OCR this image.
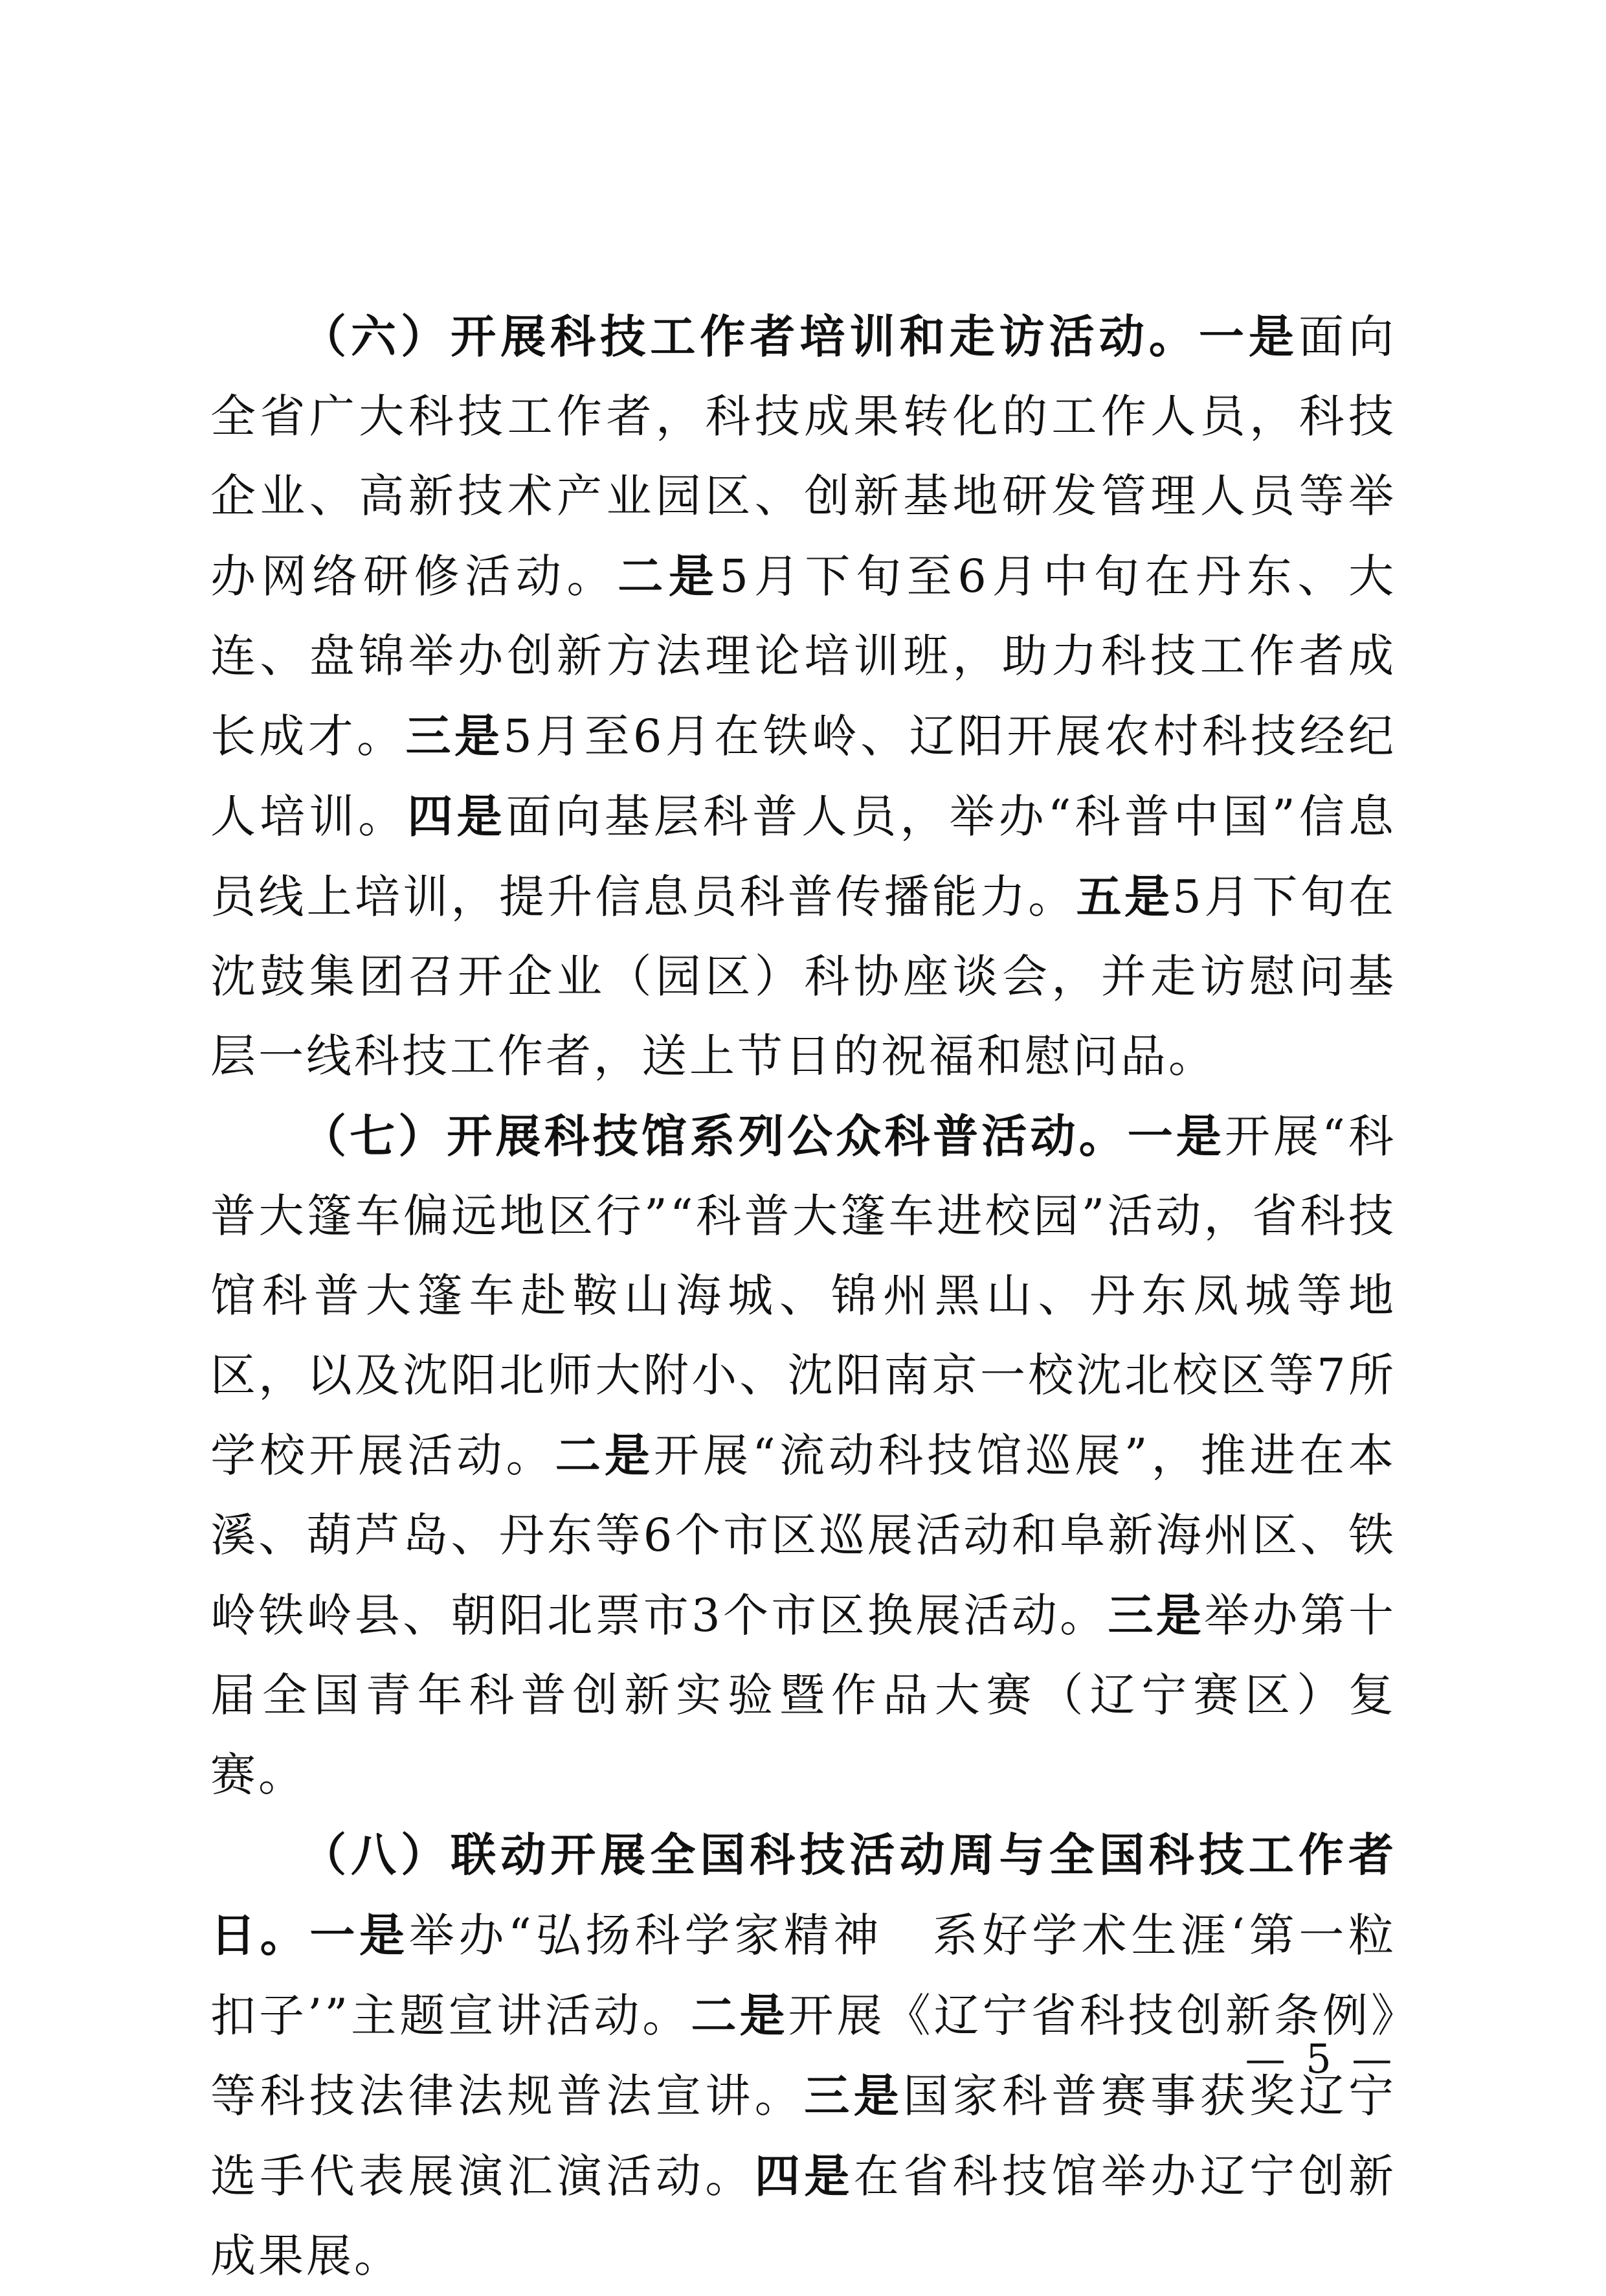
（六）开展科技工作者培训和走访活动。一是面向全省广大科技工作者，科技成果转化的工作人员，科技企业、高新技术产业园区、创新基地研发管理人员等举办网络研修活动。二是5月下旬至6月中旬在丹东、大连、盘锦举办创新方法理论培训班，助力科技工作者成长成才。三是5月至6月在铁岭、辽阳开展农村科技经纪人培训。四是面向基层科普人员，举办“科普中国”信息员线上培训，提升信息员科普传播能力。五是5月下旬在沈鼓集团召开企业（园区）科协座谈会，并走访慰问基层一线科技工作者，送上节日的祝福和慰问品。

（七）开展科技馆系列公众科普活动。一是开展“科普大篷车偏远地区行”“科普大篷车进校园”活动，省科技馆科普大篷车赴鞍山海城、锦州黑山、丹东凤城等地区，以及沈阳北师大附小、沈阳南京一校沈北校区等7所学校开展活动。二是开展“流动科技馆巡展”，推进在本溪、葫芦岛、丹东等6个市区巡展活动和阜新海州区、铁岭铁岭县、朝阳北票市3个市区换展活动。三是举办第十届全国青年科普创新实验暨作品大赛（辽宁赛区）复赛。

（八）联动开展全国科技活动周与全国科技工作者日。一是举办“弘扬科学家精神　系好学术生涯‘第一粒扣子’”主题宣讲活动。二是开展《辽宁省科技创新条例》等科技法律法规普法宣讲。三是国家科普赛事获奖辽宁选手代表展演汇演活动。四是在省科技馆举办辽宁创新成果展。

— 5 —
